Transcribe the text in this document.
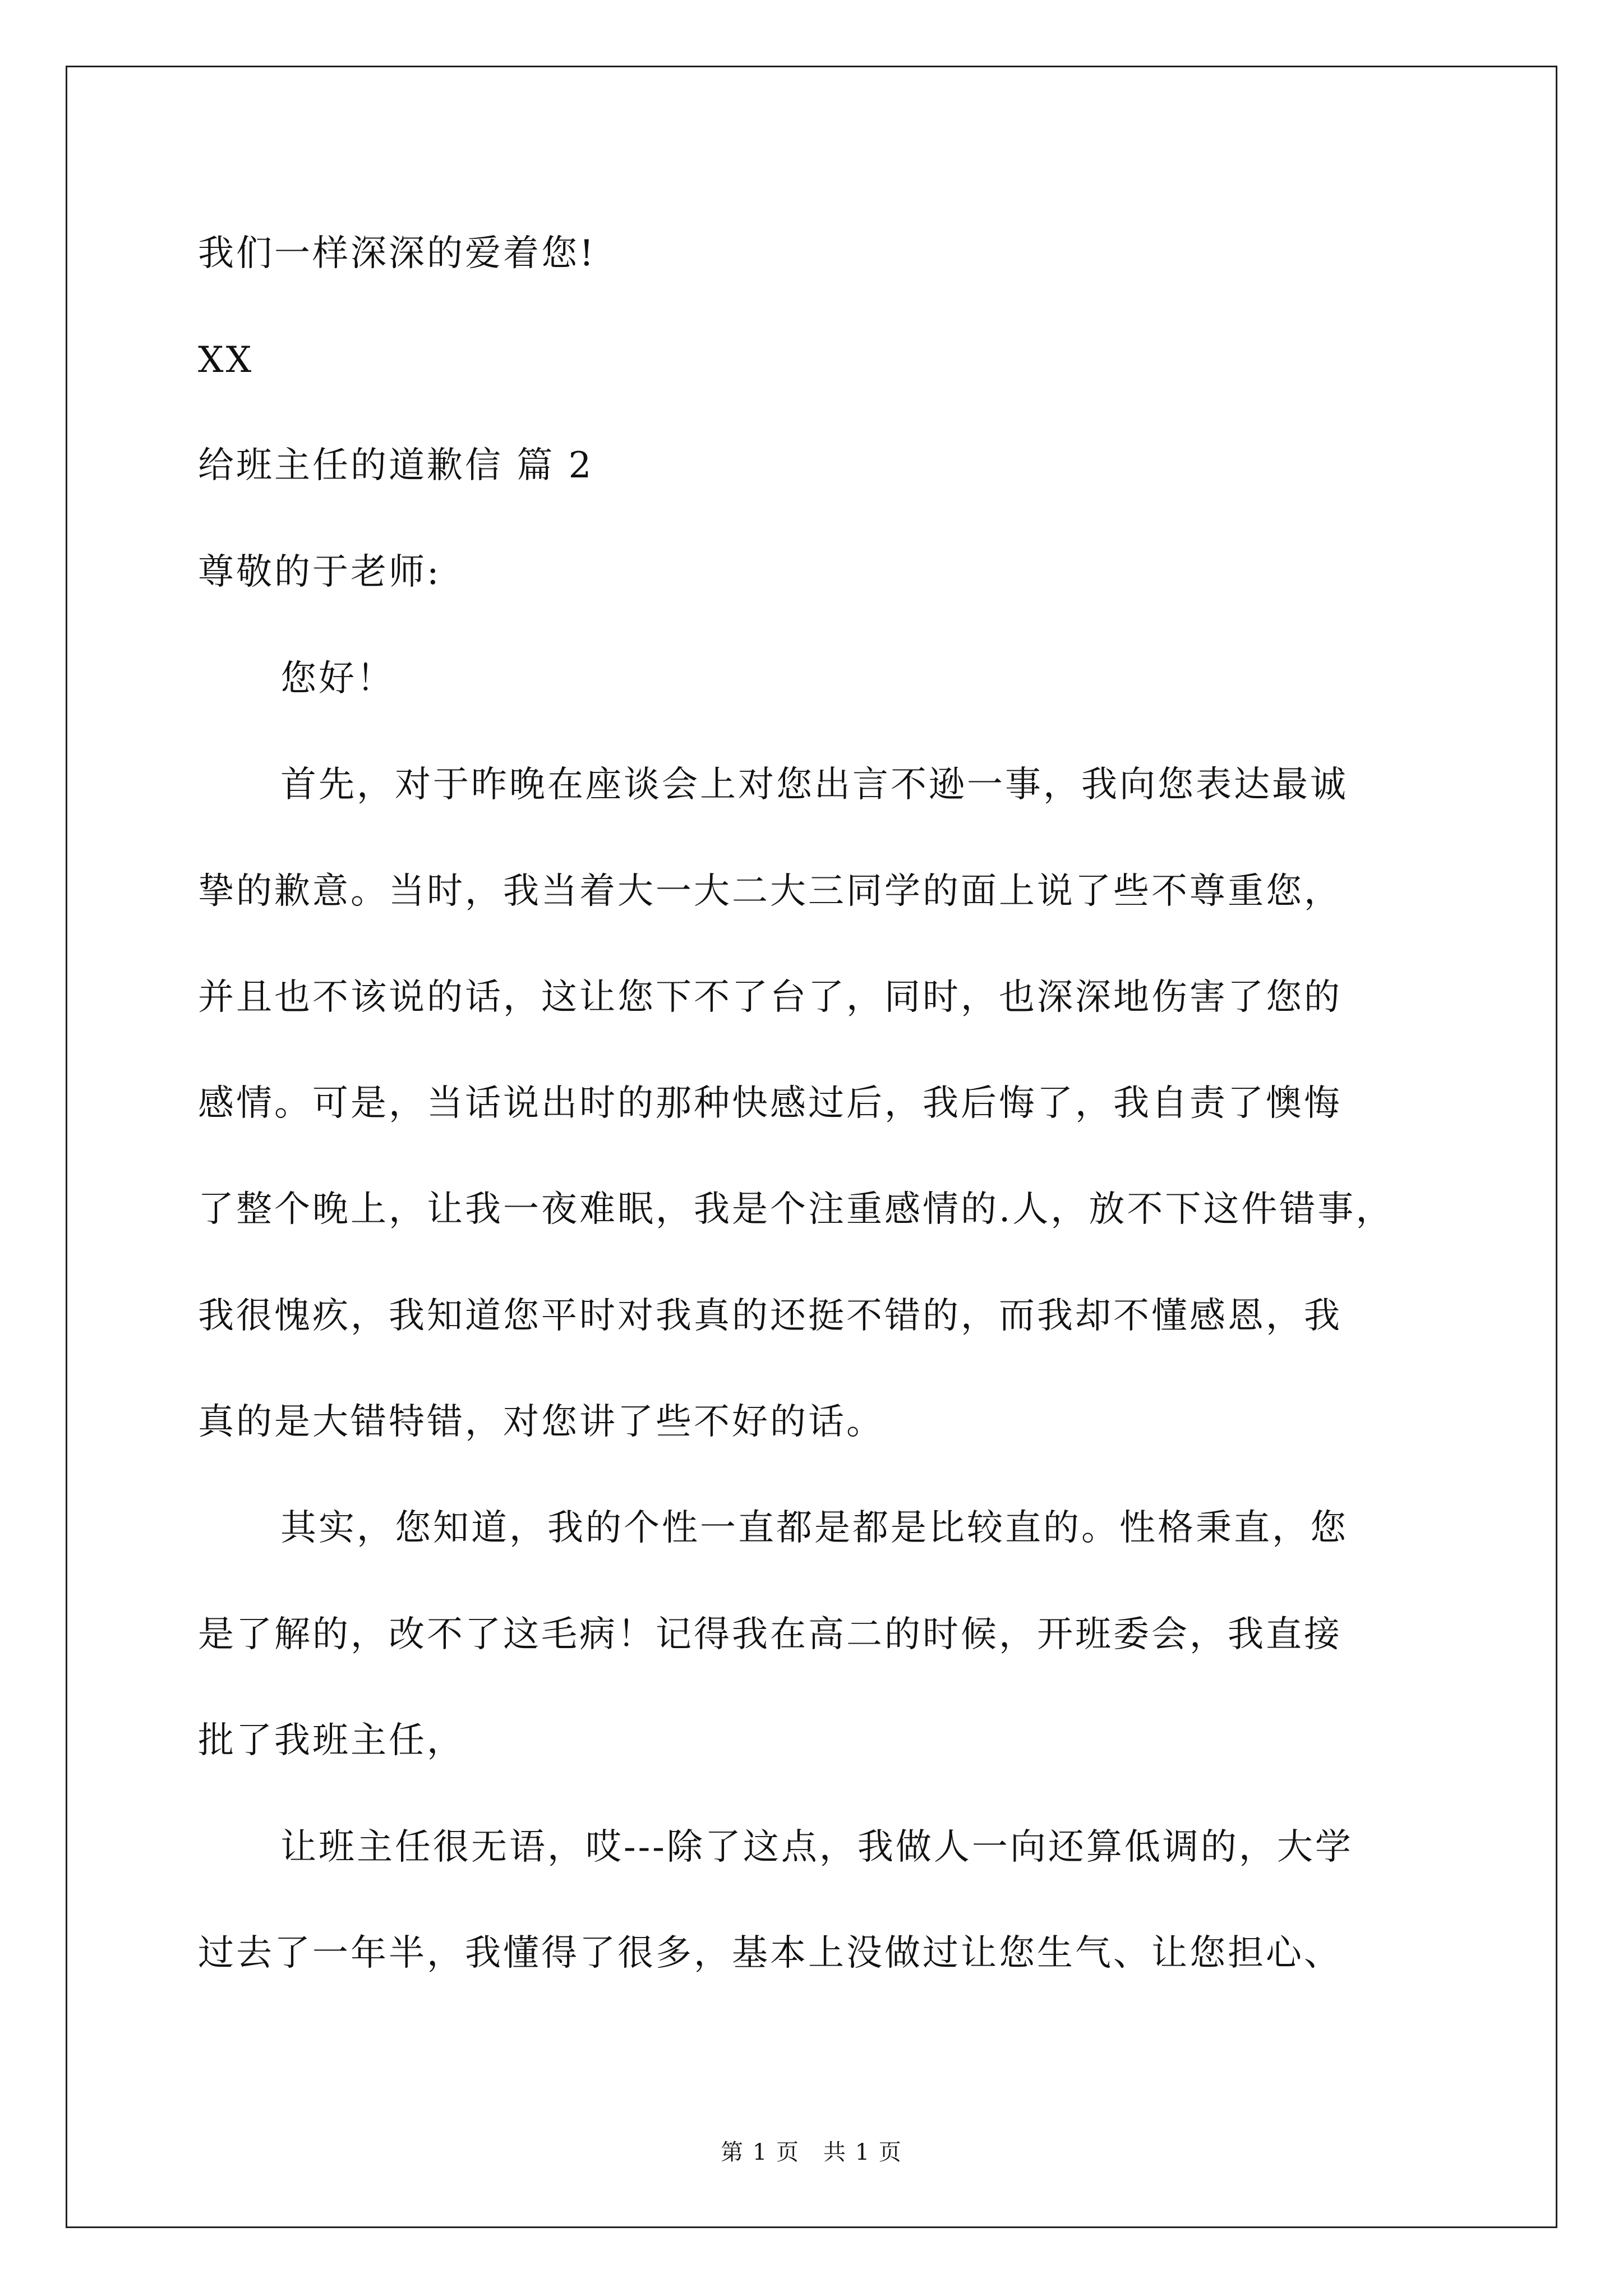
我们一样深深的爱着您!

XX

给班主任的道歉信 篇 2

尊敬的于老师:

您好！

首先，对于昨晚在座谈会上对您出言不逊一事，我向您表达最诚

挚的歉意。当时，我当着大一大二大三同学的面上说了些不尊重您，

并且也不该说的话，这让您下不了台了，同时，也深深地伤害了您的

感情。可是，当话说出时的那种快感过后，我后悔了，我自责了懊悔

了整个晚上，让我一夜难眠，我是个注重感情的.人，放不下这件错事，

我很愧疚，我知道您平时对我真的还挺不错的，而我却不懂感恩，我

真的是大错特错，对您讲了些不好的话。

其实，您知道，我的个性一直都是都是比较直的。性格秉直，您

是了解的，改不了这毛病！记得我在高二的时候，开班委会，我直接

批了我班主任，

让班主任很无语，哎---除了这点，我做人一向还算低调的，大学

过去了一年半，我懂得了很多，基本上没做过让您生气、让您担心、

第 1 页　共 1 页
